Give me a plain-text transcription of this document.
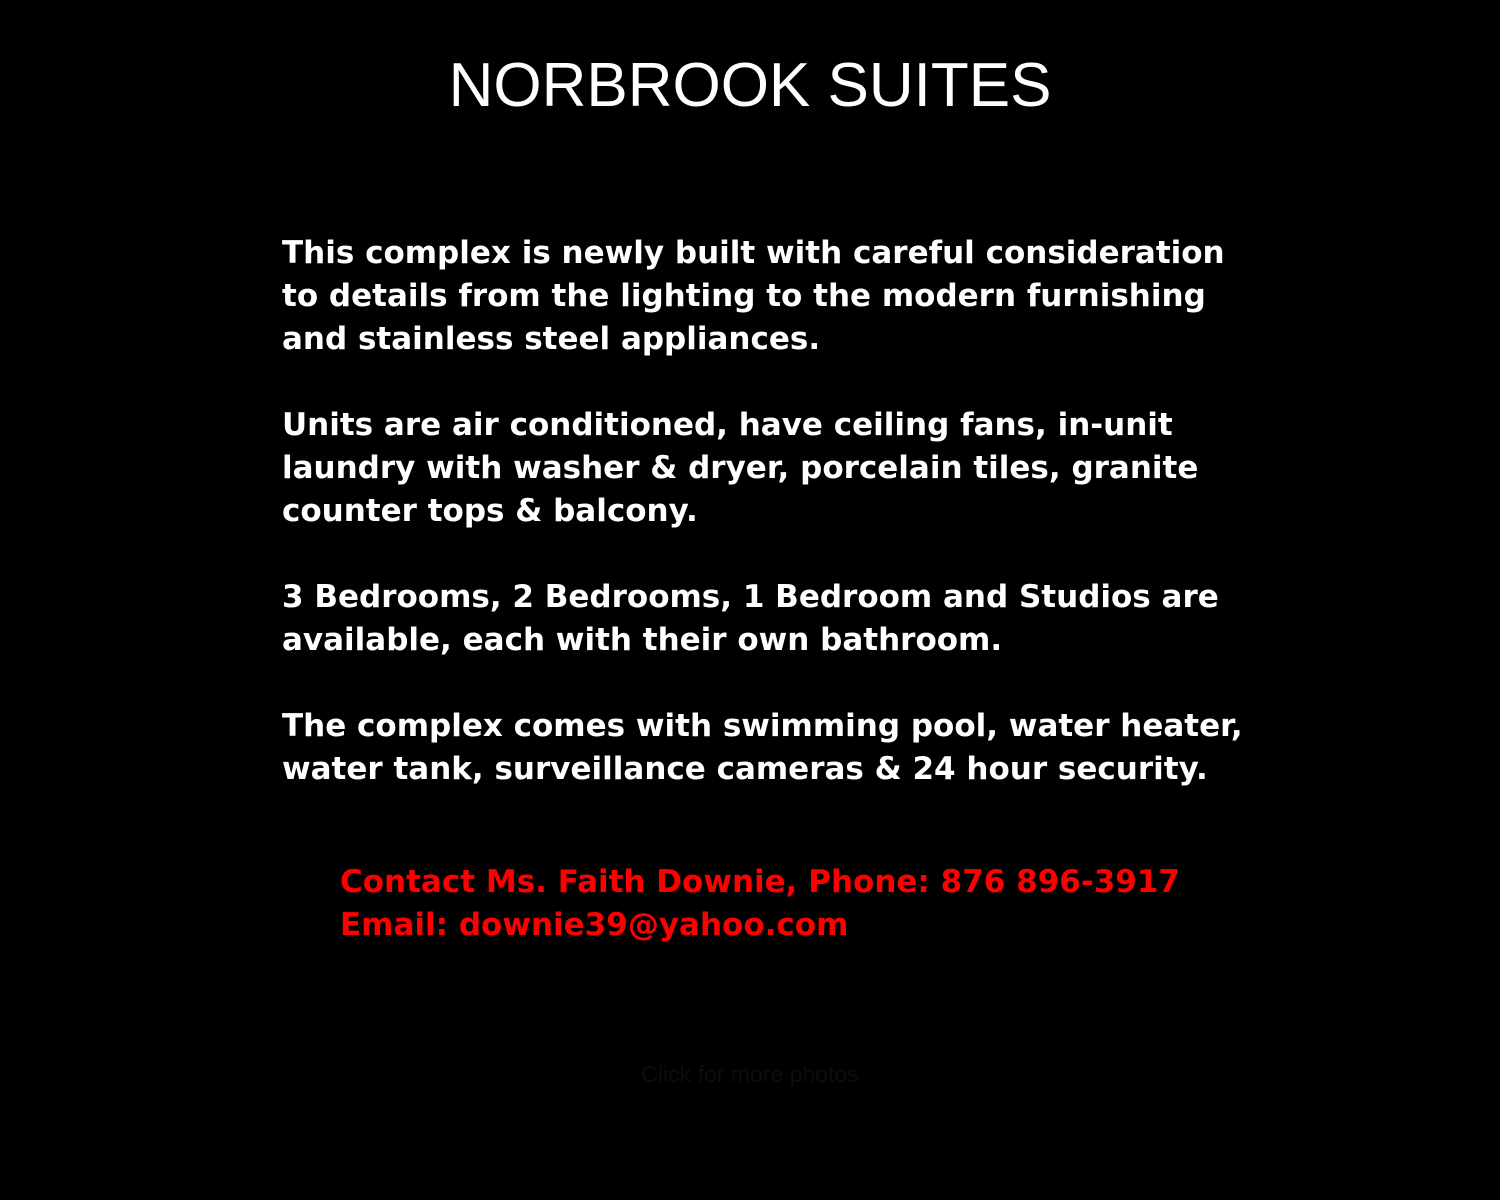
NORBROOK SUITES

This complex is newly built with careful consideration
to details from the lighting to the modern furnishing
and stainless steel appliances.

Units are air conditioned, have ceiling fans, in-unit
laundry with washer & dryer, porcelain tiles, granite
counter tops & balcony.

3 Bedrooms, 2 Bedrooms, 1 Bedroom and Studios are
available, each with their own bathroom.

The complex comes with swimming pool, water heater,
water tank, surveillance cameras & 24 hour security.

Contact Ms. Faith Downie, Phone: 876 896-3917
Email: downie39@yahoo.com
Click for more photos
